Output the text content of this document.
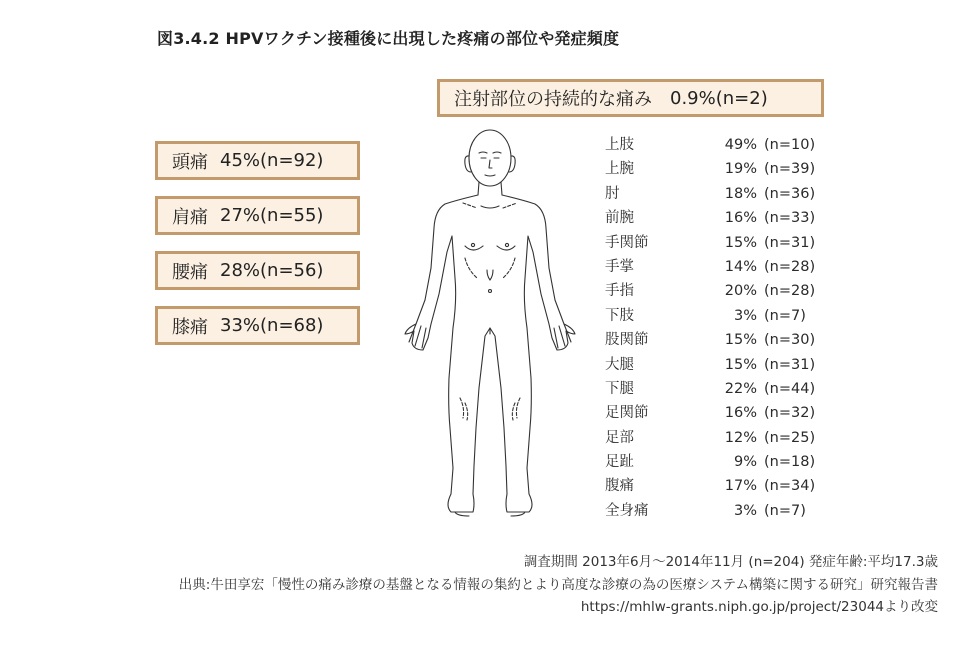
図3.4.2 HPVワクチン接種後に出現した疼痛の部位や発症頻度
注射部位の持続的な痛み 0.9%(n=2)
頭痛 45%(n=92)
肩痛 27%(n=55)
腰痛 28%(n=56)
膝痛 33%(n=68)
上肢	49% (n=10)
上腕	19% (n=39)
肘	18% (n=36)
前腕	16% (n=33)
手関節	15% (n=31)
手掌	14% (n=28)
手指	20% (n=28)
下肢	3% (n=7)
股関節	15% (n=30)
大腿	15% (n=31)
下腿	22% (n=44)
足関節	16% (n=32)
足部	12% (n=25)
足趾	9% (n=18)
腹痛	17% (n=34)
全身痛	3% (n=7)
調査期間 2013年6月〜2014年11月 (n=204) 発症年齢:平均17.3歳
出典:牛田享宏「慢性の痛み診療の基盤となる情報の集約とより高度な診療の為の医療システム構築に関する研究」研究報告書
https://mhlw-grants.niph.go.jp/project/23044より改変
